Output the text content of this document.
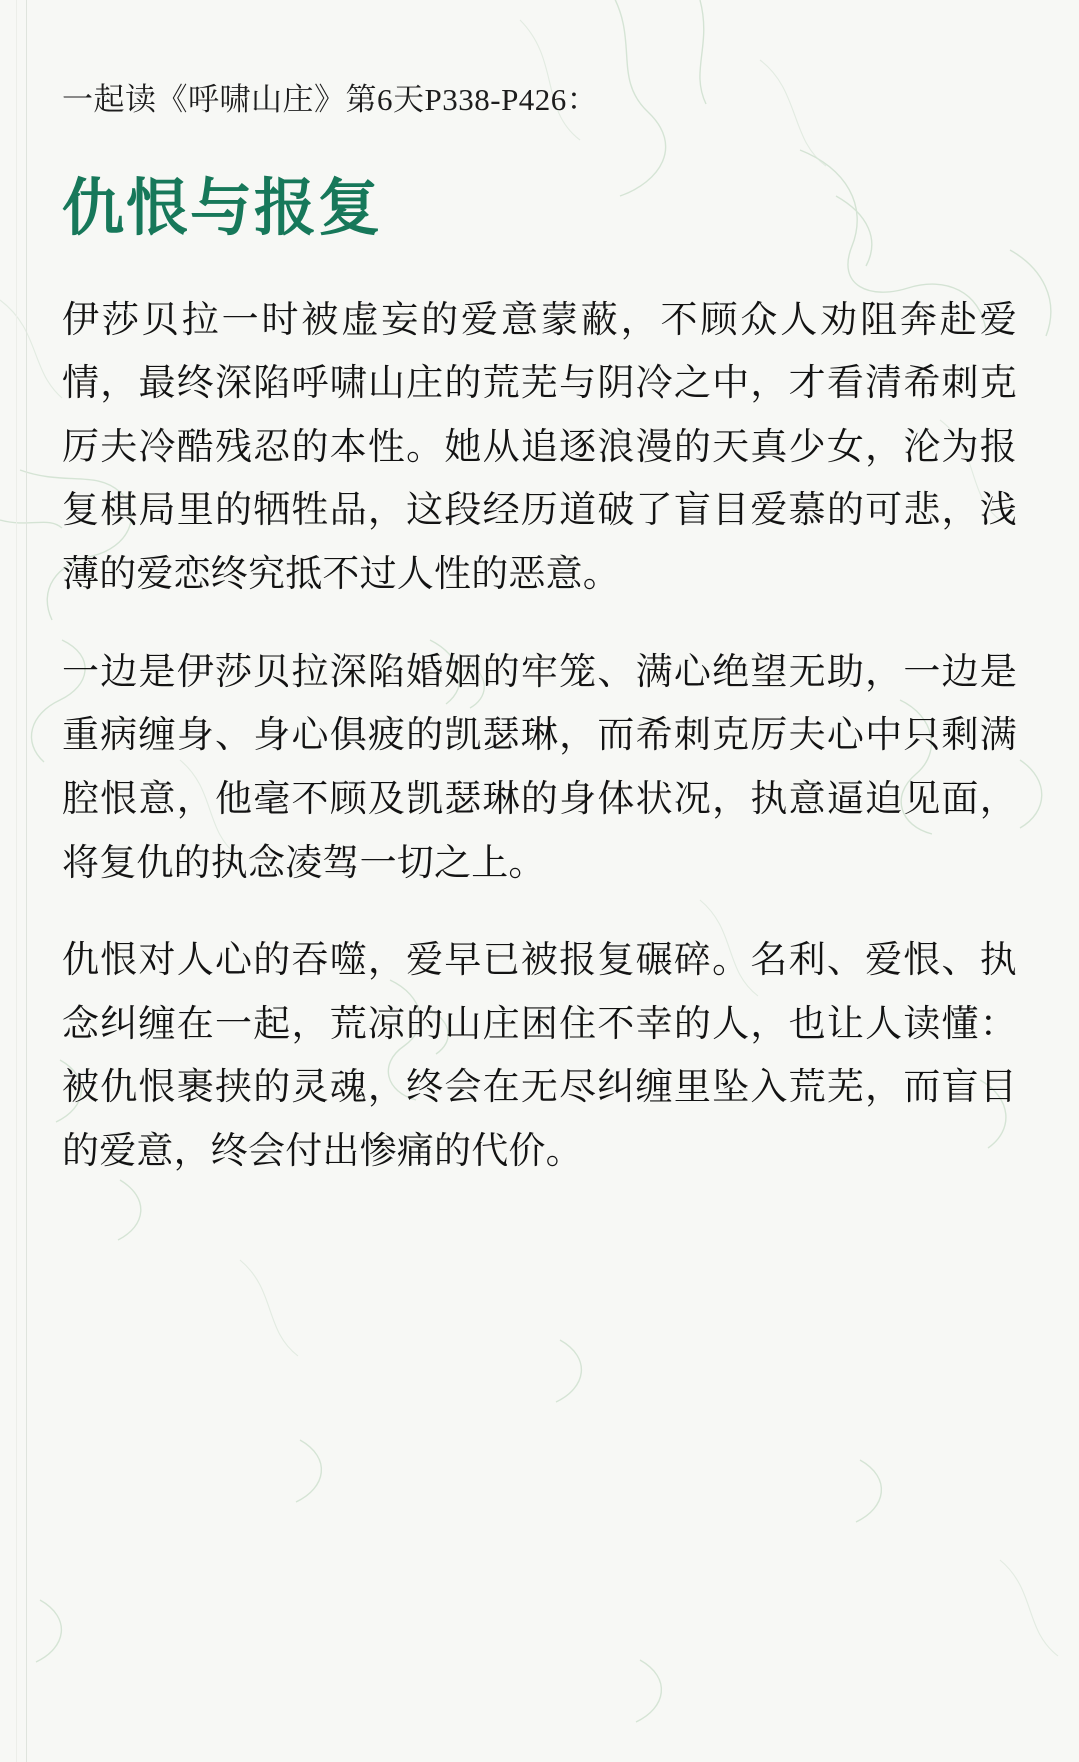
一起读《呼啸山庄》第6天P338-P426：

仇恨与报复

伊莎贝拉一时被虚妄的爱意蒙蔽，不顾众人劝阻奔赴爱情，最终深陷呼啸山庄的荒芜与阴冷之中，才看清希刺克厉夫冷酷残忍的本性。她从追逐浪漫的天真少女，沦为报复棋局里的牺牲品，这段经历道破了盲目爱慕的可悲，浅薄的爱恋终究抵不过人性的恶意。

一边是伊莎贝拉深陷婚姻的牢笼、满心绝望无助，一边是重病缠身、身心俱疲的凯瑟琳，而希刺克厉夫心中只剩满腔恨意，他毫不顾及凯瑟琳的身体状况，执意逼迫见面，将复仇的执念凌驾一切之上。

仇恨对人心的吞噬，爱早已被报复碾碎。名利、爱恨、执念纠缠在一起，荒凉的山庄困住不幸的人，也让人读懂：被仇恨裹挟的灵魂，终会在无尽纠缠里坠入荒芜，而盲目的爱意，终会付出惨痛的代价。
